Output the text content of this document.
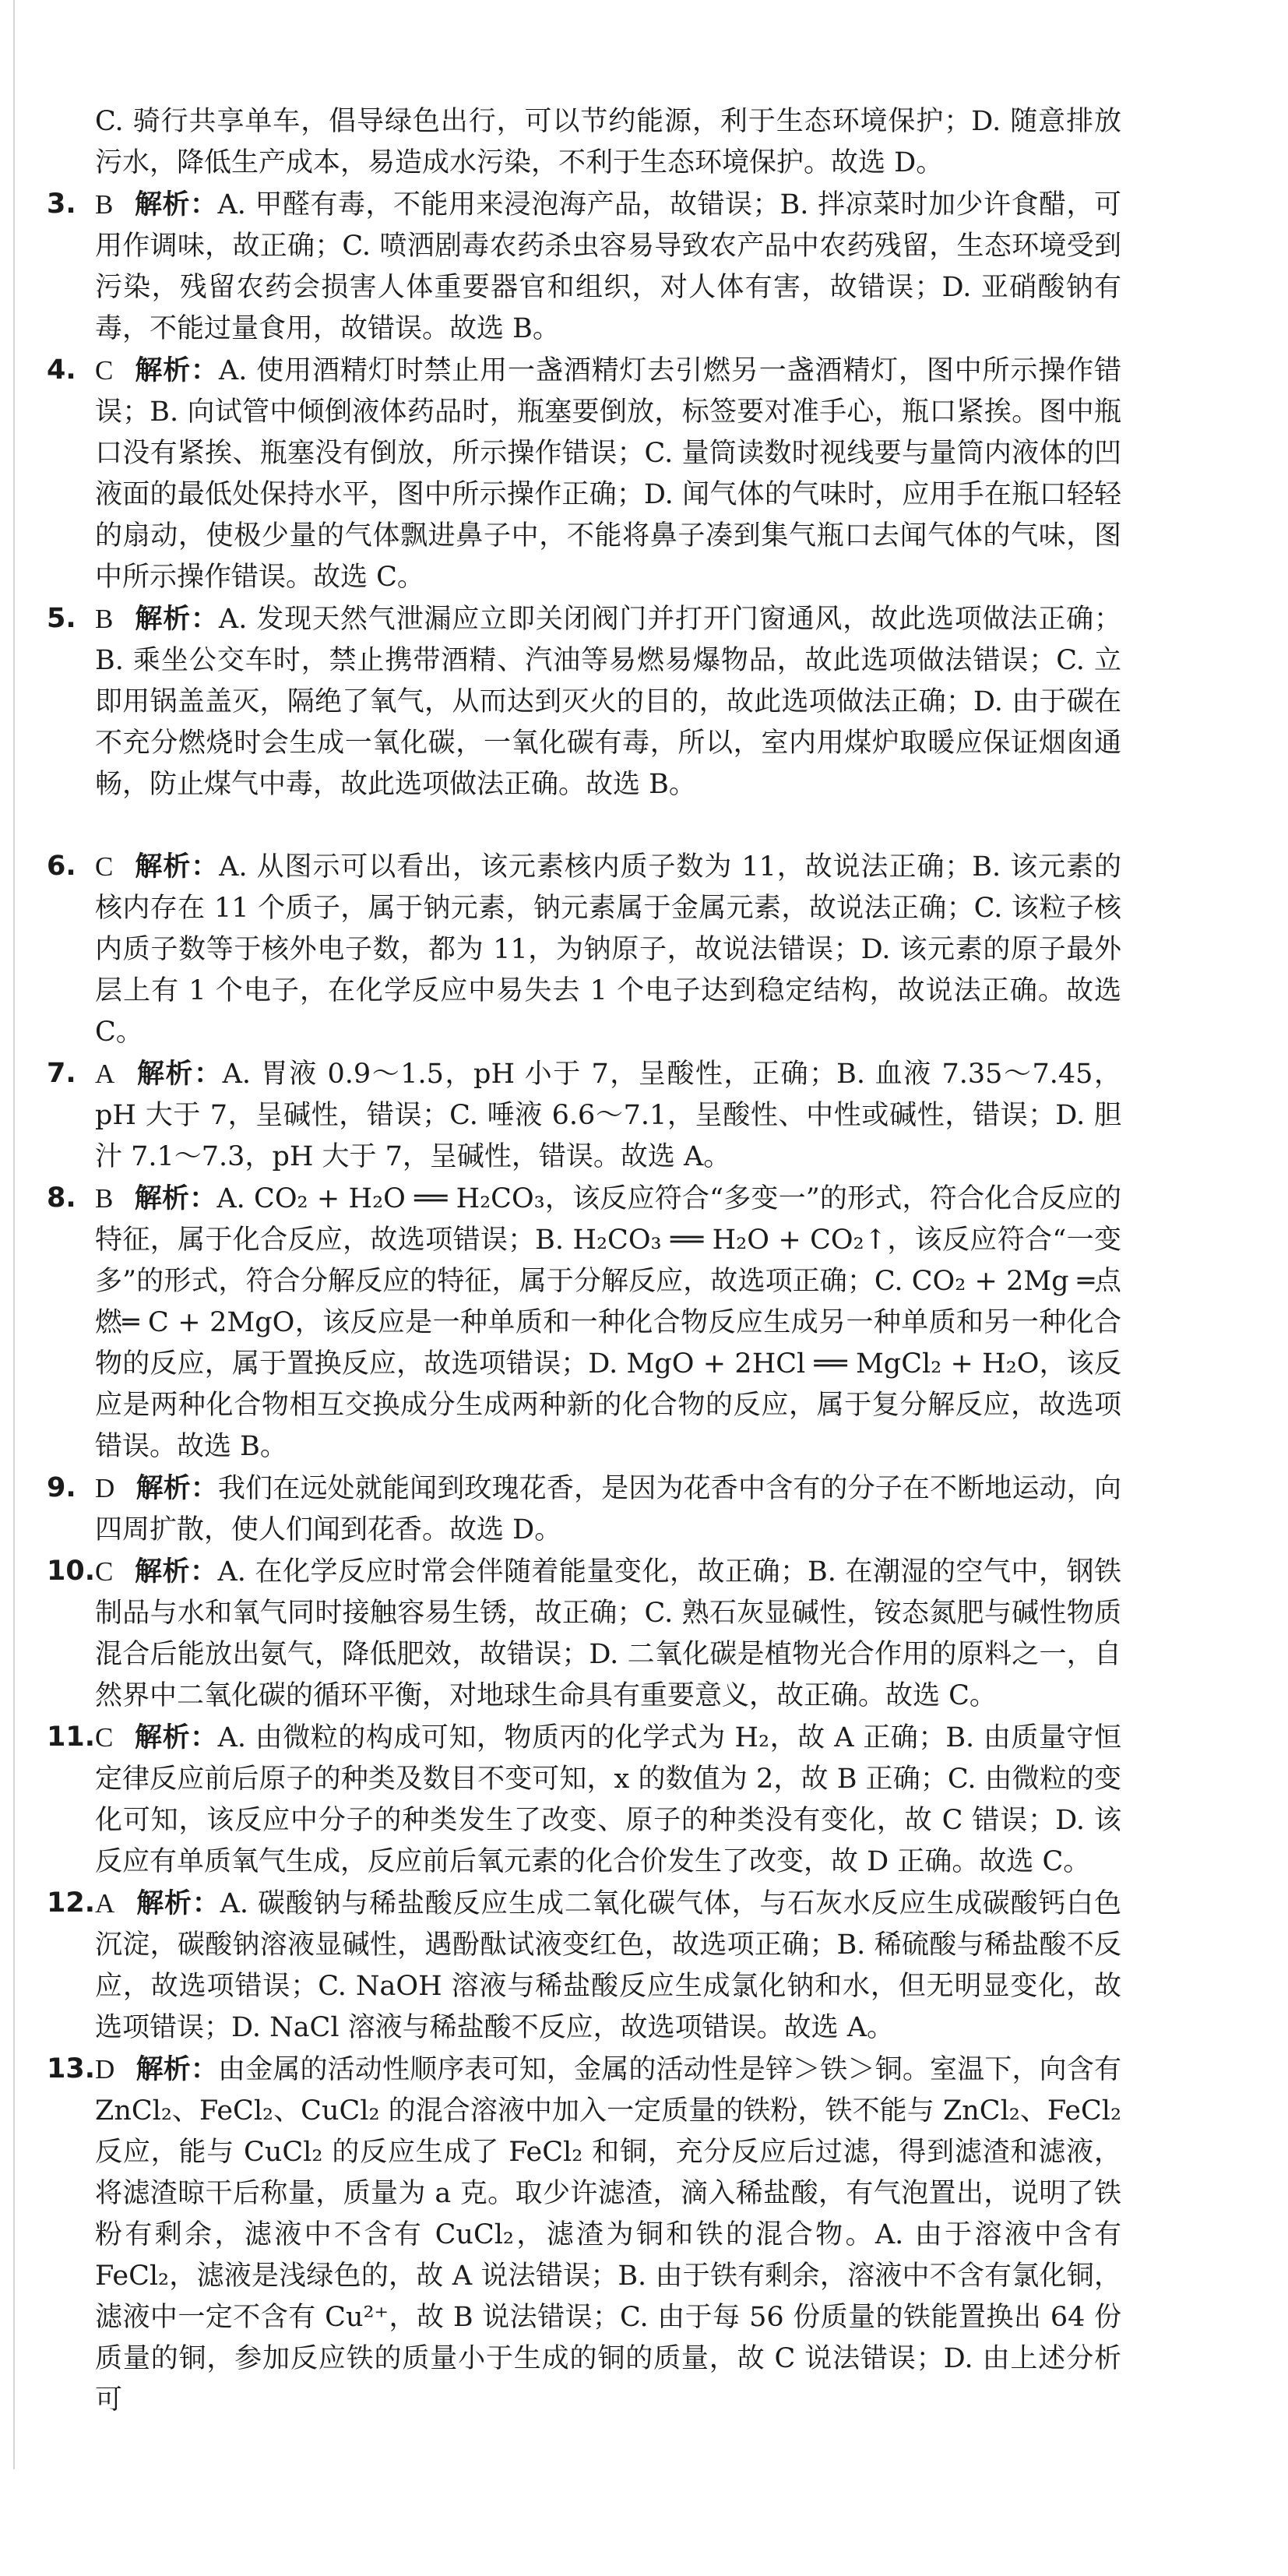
C. 骑行共享单车，倡导绿色出行，可以节约能源，利于生态环境保护；D. 随意排放污水，降低生产成本，易造成水污染，不利于生态环境保护。故选 D。

3. B 解析：A. 甲醛有毒，不能用来浸泡海产品，故错误；B. 拌凉菜时加少许食醋，可用作调味，故正确；C. 喷洒剧毒农药杀虫容易导致农产品中农药残留，生态环境受到污染，残留农药会损害人体重要器官和组织，对人体有害，故错误；D. 亚硝酸钠有毒，不能过量食用，故错误。故选 B。

4. C 解析：A. 使用酒精灯时禁止用一盏酒精灯去引燃另一盏酒精灯，图中所示操作错误；B. 向试管中倾倒液体药品时，瓶塞要倒放，标签要对准手心，瓶口紧挨。图中瓶口没有紧挨、瓶塞没有倒放，所示操作错误；C. 量筒读数时视线要与量筒内液体的凹液面的最低处保持水平，图中所示操作正确；D. 闻气体的气味时，应用手在瓶口轻轻的扇动，使极少量的气体飘进鼻子中，不能将鼻子凑到集气瓶口去闻气体的气味，图中所示操作错误。故选 C。

5. B 解析：A. 发现天然气泄漏应立即关闭阀门并打开门窗通风，故此选项做法正确；B. 乘坐公交车时，禁止携带酒精、汽油等易燃易爆物品，故此选项做法错误；C. 立即用锅盖盖灭，隔绝了氧气，从而达到灭火的目的，故此选项做法正确；D. 由于碳在不充分燃烧时会生成一氧化碳，一氧化碳有毒，所以，室内用煤炉取暖应保证烟囱通畅，防止煤气中毒，故此选项做法正确。故选 B。

6. C 解析：A. 从图示可以看出，该元素核内质子数为 11，故说法正确；B. 该元素的核内存在 11 个质子，属于钠元素，钠元素属于金属元素，故说法正确；C. 该粒子核内质子数等于核外电子数，都为 11，为钠原子，故说法错误；D. 该元素的原子最外层上有 1 个电子，在化学反应中易失去 1 个电子达到稳定结构，故说法正确。故选 C。

7. A 解析：A. 胃液 0.9～1.5，pH 小于 7，呈酸性，正确；B. 血液 7.35～7.45，pH 大于 7，呈碱性，错误；C. 唾液 6.6～7.1，呈酸性、中性或碱性，错误；D. 胆汁 7.1～7.3，pH 大于 7，呈碱性，错误。故选 A。

8. B 解析：A. CO₂ + H₂O ══ H₂CO₃，该反应符合“多变一”的形式，符合化合反应的特征，属于化合反应，故选项错误；B. H₂CO₃ ══ H₂O + CO₂↑，该反应符合“一变多”的形式，符合分解反应的特征，属于分解反应，故选项正确；C. CO₂ + 2Mg ═点燃═ C + 2MgO，该反应是一种单质和一种化合物反应生成另一种单质和另一种化合物的反应，属于置换反应，故选项错误；D. MgO + 2HCl ══ MgCl₂ + H₂O，该反应是两种化合物相互交换成分生成两种新的化合物的反应，属于复分解反应，故选项错误。故选 B。

9. D 解析：我们在远处就能闻到玫瑰花香，是因为花香中含有的分子在不断地运动，向四周扩散，使人们闻到花香。故选 D。

10. C 解析：A. 在化学反应时常会伴随着能量变化，故正确；B. 在潮湿的空气中，钢铁制品与水和氧气同时接触容易生锈，故正确；C. 熟石灰显碱性，铵态氮肥与碱性物质混合后能放出氨气，降低肥效，故错误；D. 二氧化碳是植物光合作用的原料之一，自然界中二氧化碳的循环平衡，对地球生命具有重要意义，故正确。故选 C。

11. C 解析：A. 由微粒的构成可知，物质丙的化学式为 H₂，故 A 正确；B. 由质量守恒定律反应前后原子的种类及数目不变可知，x 的数值为 2，故 B 正确；C. 由微粒的变化可知，该反应中分子的种类发生了改变、原子的种类没有变化，故 C 错误；D. 该反应有单质氧气生成，反应前后氧元素的化合价发生了改变，故 D 正确。故选 C。

12. A 解析：A. 碳酸钠与稀盐酸反应生成二氧化碳气体，与石灰水反应生成碳酸钙白色沉淀，碳酸钠溶液显碱性，遇酚酞试液变红色，故选项正确；B. 稀硫酸与稀盐酸不反应，故选项错误；C. NaOH 溶液与稀盐酸反应生成氯化钠和水，但无明显变化，故选项错误；D. NaCl 溶液与稀盐酸不反应，故选项错误。故选 A。

13. D 解析：由金属的活动性顺序表可知，金属的活动性是锌＞铁＞铜。室温下，向含有 ZnCl₂、FeCl₂、CuCl₂ 的混合溶液中加入一定质量的铁粉，铁不能与 ZnCl₂、FeCl₂ 反应，能与 CuCl₂ 的反应生成了 FeCl₂ 和铜，充分反应后过滤，得到滤渣和滤液，将滤渣晾干后称量，质量为 a 克。取少许滤渣，滴入稀盐酸，有气泡置出，说明了铁粉有剩余，滤液中不含有 CuCl₂，滤渣为铜和铁的混合物。A. 由于溶液中含有 FeCl₂，滤液是浅绿色的，故 A 说法错误；B. 由于铁有剩余，溶液中不含有氯化铜，滤液中一定不含有 Cu²⁺，故 B 说法错误；C. 由于每 56 份质量的铁能置换出 64 份质量的铜，参加反应铁的质量小于生成的铜的质量，故 C 说法错误；D. 由上述分析可
